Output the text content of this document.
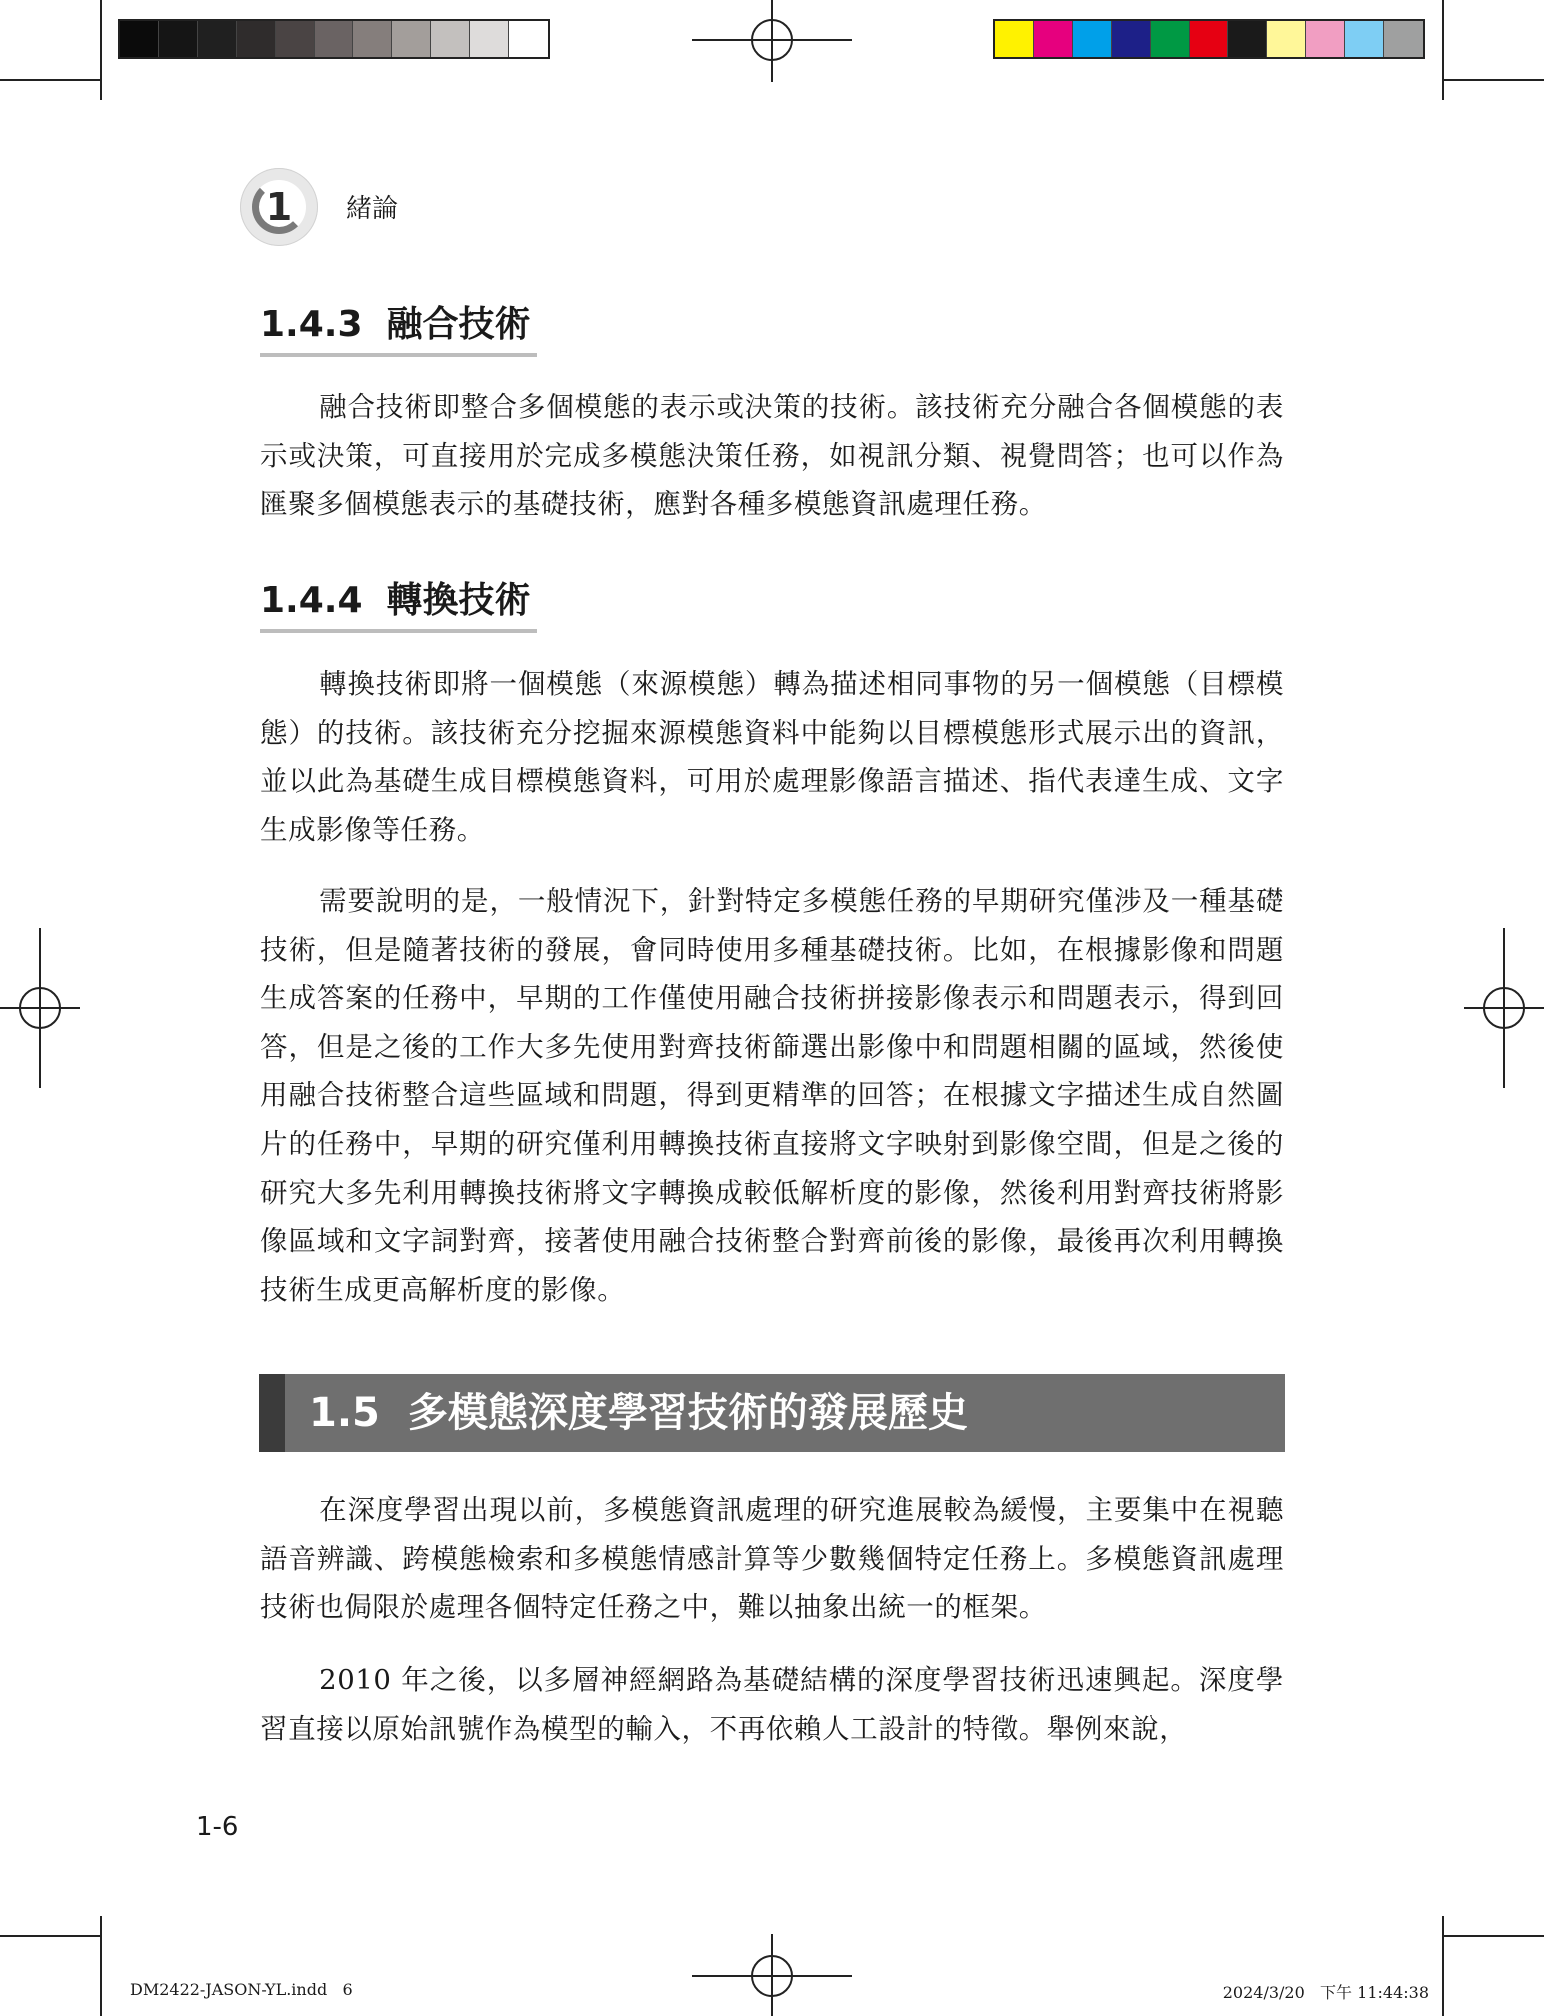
1	緒論
1.4.3 融合技術

融合技術即整合多個模態的表示或決策的技術。該技術充分融合各個模態的表示或決策，可直接用於完成多模態決策任務，如視訊分類、視覺問答；也可以作為匯聚多個模態表示的基礎技術，應對各種多模態資訊處理任務。

1.4.4 轉換技術

轉換技術即將一個模態（來源模態）轉為描述相同事物的另一個模態（目標模態）的技術。該技術充分挖掘來源模態資料中能夠以目標模態形式展示出的資訊，並以此為基礎生成目標模態資料，可用於處理影像語言描述、指代表達生成、文字生成影像等任務。

需要說明的是，一般情況下，針對特定多模態任務的早期研究僅涉及一種基礎技術，但是隨著技術的發展，會同時使用多種基礎技術。比如，在根據影像和問題生成答案的任務中，早期的工作僅使用融合技術拼接影像表示和問題表示，得到回答，但是之後的工作大多先使用對齊技術篩選出影像中和問題相關的區域，然後使用融合技術整合這些區域和問題，得到更精準的回答；在根據文字描述生成自然圖片的任務中，早期的研究僅利用轉換技術直接將文字映射到影像空間，但是之後的研究大多先利用轉換技術將文字轉換成較低解析度的影像，然後利用對齊技術將影像區域和文字詞對齊，接著使用融合技術整合對齊前後的影像，最後再次利用轉換技術生成更高解析度的影像。

1.5 多模態深度學習技術的發展歷史

在深度學習出現以前，多模態資訊處理的研究進展較為緩慢，主要集中在視聽語音辨識、跨模態檢索和多模態情感計算等少數幾個特定任務上。多模態資訊處理技術也侷限於處理各個特定任務之中，難以抽象出統一的框架。

2010 年之後，以多層神經網路為基礎結構的深度學習技術迅速興起。深度學習直接以原始訊號作為模型的輸入，不再依賴人工設計的特徵。舉例來說，

1-6
DM2422-JASON-YL.indd   6	2024/3/20   下午 11:44:38
